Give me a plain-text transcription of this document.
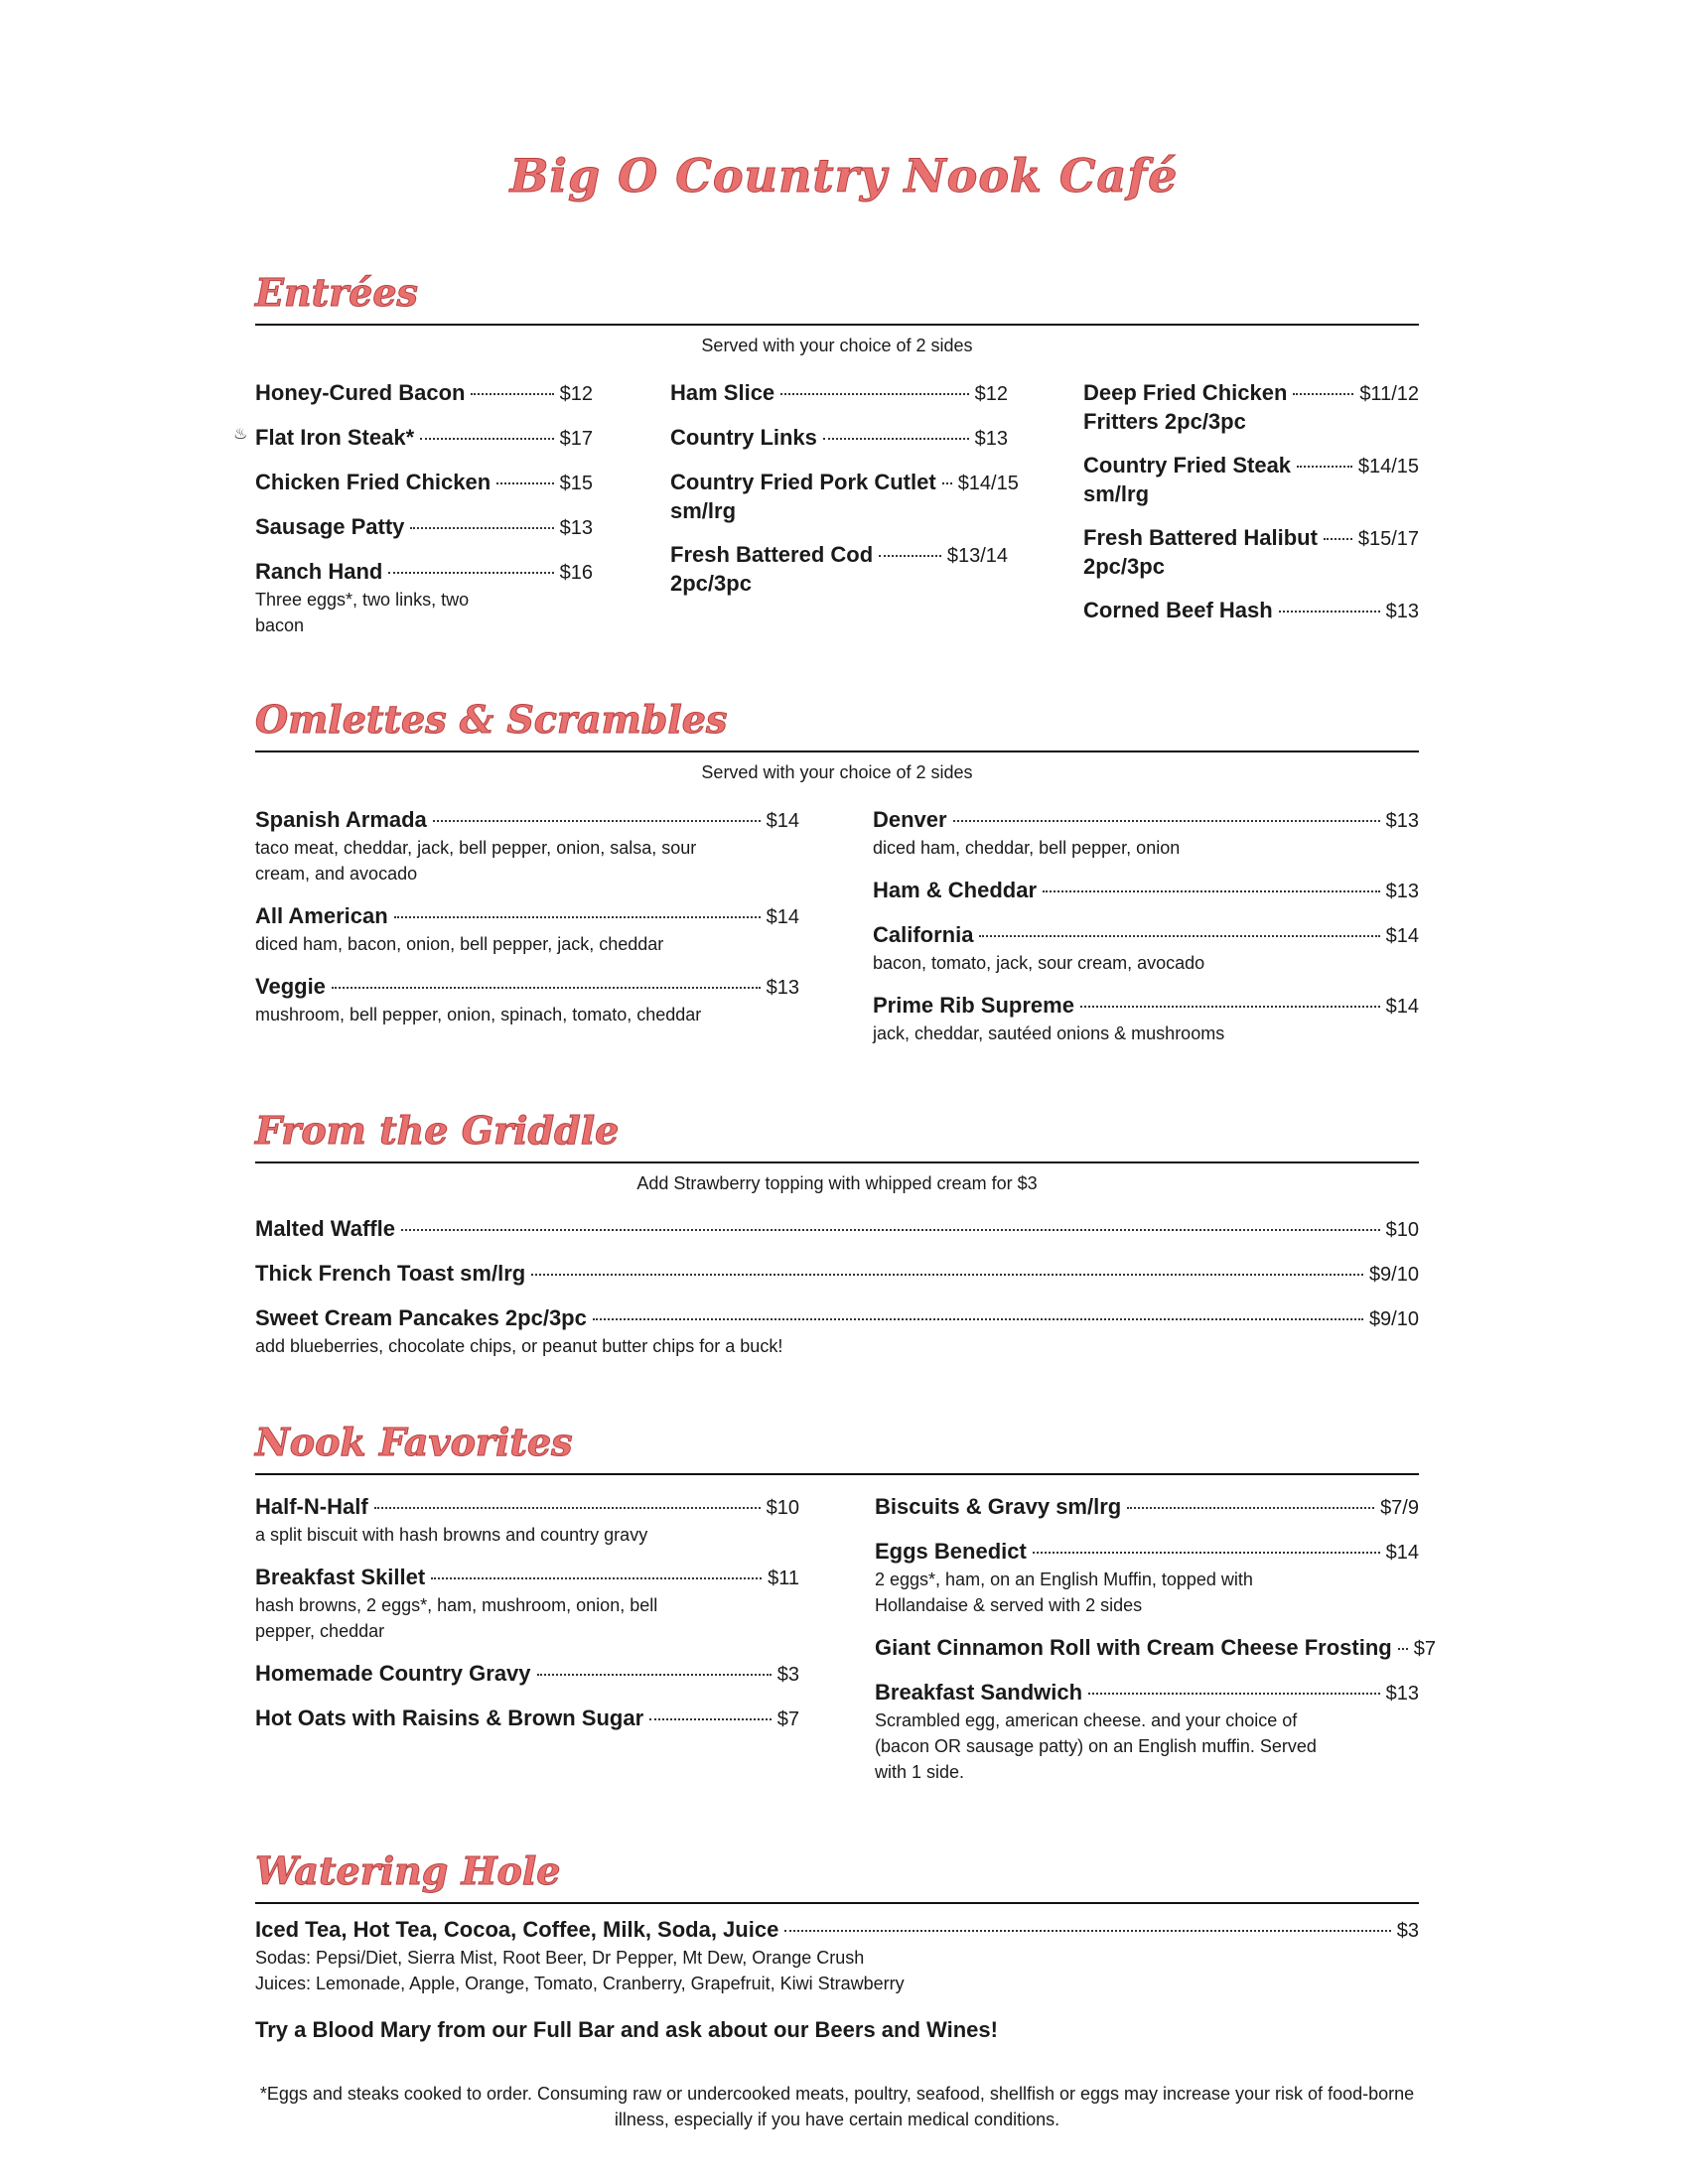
Big O Country Nook Café
Entrées
Served with your choice of 2 sides
Honey-Cured Bacon	$12
♨ Flat Iron Steak*	$17
Chicken Fried Chicken	$15
Sausage Patty	$13
Ranch Hand	$16
Three eggs*, two links, two bacon
Ham Slice	$12
Country Links	$13
Country Fried Pork Cutlet $14/15
sm/lrg
Fresh Battered Cod	$13/14
2pc/3pc
Deep Fried Chicken	$11/12
Fritters 2pc/3pc
Country Fried Steak	$14/15
sm/lrg
Fresh Battered Halibut $15/17
2pc/3pc
Corned Beef Hash	$13
Omlettes & Scrambles
Served with your choice of 2 sides
Spanish Armada	$14
taco meat, cheddar, jack, bell pepper, onion, salsa, sour cream, and avocado
All American	$14
diced ham, bacon, onion, bell pepper, jack, cheddar
Veggie	$13
mushroom, bell pepper, onion, spinach, tomato, cheddar
Denver	$13
diced ham, cheddar, bell pepper, onion
Ham & Cheddar	$13
California	$14
bacon, tomato, jack, sour cream, avocado
Prime Rib Supreme	$14
jack, cheddar, sautéed onions & mushrooms
From the Griddle
Add Strawberry topping with whipped cream for $3
Malted Waffle	$10
Thick French Toast sm/lrg	$9/10
Sweet Cream Pancakes 2pc/3pc	$9/10
add blueberries, chocolate chips, or peanut butter chips for a buck!
Nook Favorites
Half-N-Half	$10
a split biscuit with hash browns and country gravy
Breakfast Skillet	$11
hash browns, 2 eggs*, ham, mushroom, onion, bell pepper, cheddar
Homemade Country Gravy	$3
Hot Oats with Raisins & Brown Sugar	$7
Biscuits & Gravy sm/lrg	$7/9
Eggs Benedict	$14
2 eggs*, ham, on an English Muffin, topped with Hollandaise & served with 2 sides
Giant Cinnamon Roll with Cream Cheese Frosting $7
Breakfast Sandwich	$13
Scrambled egg, american cheese. and your choice of (bacon OR sausage patty) on an English muffin. Served with 1 side.
Watering Hole
Iced Tea, Hot Tea, Cocoa, Coffee, Milk, Soda, Juice	$3
Sodas: Pepsi/Diet, Sierra Mist, Root Beer, Dr Pepper, Mt Dew, Orange Crush
Juices: Lemonade, Apple, Orange, Tomato, Cranberry, Grapefruit, Kiwi Strawberry
Try a Blood Mary from our Full Bar and ask about our Beers and Wines!
*Eggs and steaks cooked to order. Consuming raw or undercooked meats, poultry, seafood, shellfish or eggs may increase your risk of food-borne illness, especially if you have certain medical conditions.
